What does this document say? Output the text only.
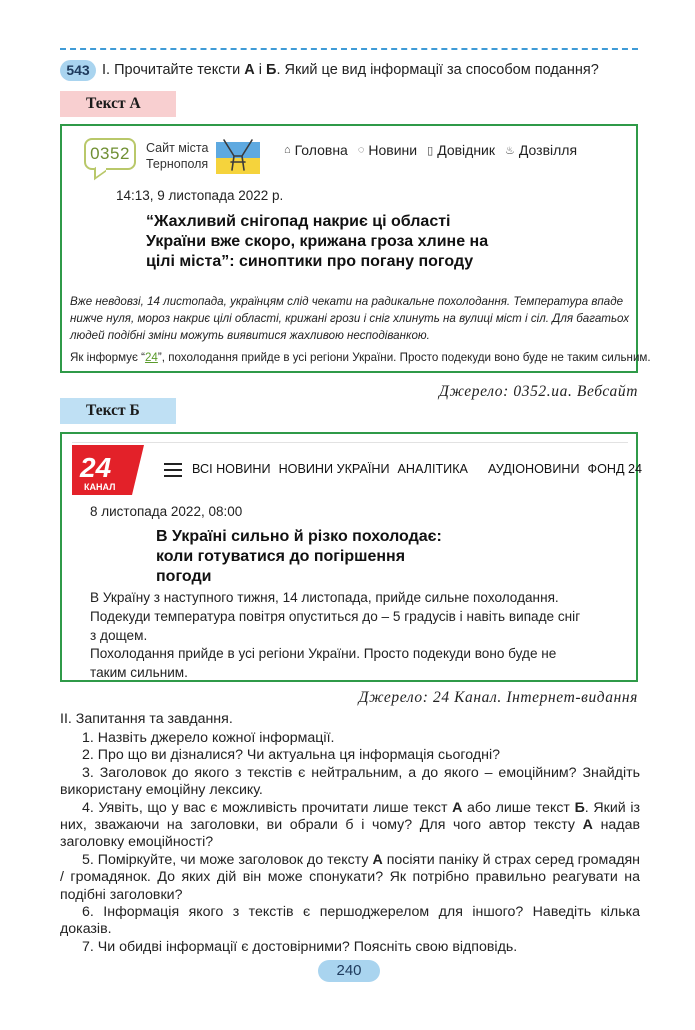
543 І. Прочитайте тексти А і Б. Який це вид інформації за способом подання?
Текст А
0352	Сайт міста
Тернополя
⌂ Головна ◌ Новини ▯ Довідник ♨ Дозвілля
14:13, 9 листопада 2022 р.
“Жахливий снігопад накриє ці області України вже скоро, крижана гроза хлине на цілі міста”: синоптики про погану погоду
Вже невдовзі, 14 листопада, українцям слід чекати на радикальне похолодання. Температура впаде нижче нуля, мороз накриє цілі області, крижані грози і сніг хлинуть на вулиці міст і сіл. Для багатьох людей подібні зміни можуть виявитися жахливою несподіванкою.
Як інформує “24”, похолодання прийде в усі регіони України. Просто подекуди воно буде не таким сильним.
Джерело: 0352.иа. Вебсайт
Текст Б
24
КАНАЛ
ВСІ НОВИНИ НОВИНИ УКРАЇНИ АНАЛІТИКА АУДІОНОВИНИ ФОНД 24
8 листопада 2022, 08:00
В Україні сильно й різко похолодає: коли готуватися до погіршення погоди
В Україну з наступного тижня, 14 листопада, прийде сильне похолодання. Подекуди температура повітря опуститься до – 5 градусів і навіть випаде сніг з дощем.
Похолодання прийде в усі регіони України. Просто подекуди воно буде не таким сильним.
Джерело: 24 Канал. Інтернет-видання
ІІ. Запитання та завдання.
1. Назвіть джерело кожної інформації.
2. Про що ви дізналися? Чи актуальна ця інформація сьогодні?
3. Заголовок до якого з текстів є нейтральним, а до якого – емоційним? Знайдіть використану емоційну лексику.
4. Уявіть, що у вас є можливість прочитати лише текст А або лише текст Б. Який із них, зважаючи на заголовки, ви обрали б і чому? Для чого автор тексту А надав заголовку емоційності?
5. Поміркуйте, чи може заголовок до тексту А посіяти паніку й страх серед громадян / громадянок. До яких дій він може спонукати? Як потрібно правильно реагувати на подібні заголовки?
6. Інформація якого з текстів є першоджерелом для іншого? Наведіть кілька доказів.
7. Чи обидві інформації є достовірними? Поясніть свою відповідь.
240
